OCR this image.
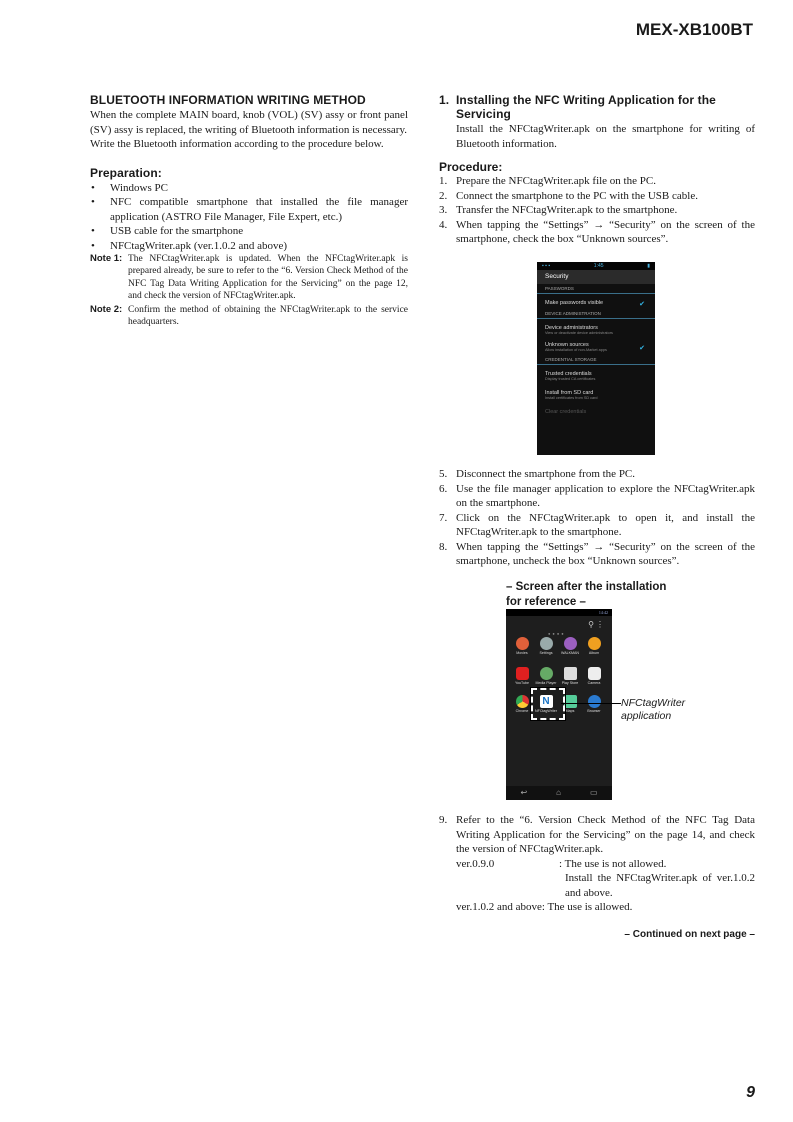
MEX-XB100BT
BLUETOOTH INFORMATION WRITING METHOD

When the complete MAIN board, knob (VOL) (SV) assy or front panel (SV) assy is replaced, the writing of Bluetooth information is necessary.

Write the Bluetooth information according to the procedure below.

Preparation:
• Windows PC
• NFC compatible smartphone that installed the file manager application (ASTRO File Manager, File Expert, etc.)
• USB cable for the smartphone
• NFCtagWriter.apk (ver.1.0.2 and above)
Note 1: The NFCtagWriter.apk is updated. When the NFCtagWriter.apk is prepared already, be sure to refer to the “6. Version Check Method of the NFC Tag Data Writing Application for the Servicing” on the page 12, and check the version of NFCtagWriter.apk.
Note 2: Confirm the method of obtaining the NFCtagWriter.apk to the service headquarters.
1. Installing the NFC Writing Application for the Servicing
Install the NFCtagWriter.apk on the smartphone for writing of Bluetooth information.
Procedure:
1. Prepare the NFCtagWriter.apk file on the PC.
2. Connect the smartphone to the PC with the USB cable.
3. Transfer the NFCtagWriter.apk to the smartphone.
4. When tapping the “Settings” → “Security” on the screen of the smartphone, check the box “Unknown sources”.
5. Disconnect the smartphone from the PC.
6. Use the file manager application to explore the NFCtagWriter.apk on the smartphone.
7. Click on the NFCtagWriter.apk to open it, and install the NFCtagWriter.apk to the smartphone.
8. When tapping the “Settings” → “Security” on the screen of the smartphone, uncheck the box “Unknown sources”.
9. Refer to the “6. Version Check Method of the NFC Tag Data Writing Application for the Servicing” on the page 14, and check the version of NFCtagWriter.apk.
ver.0.9.0	: The use is not allowed.
Install the NFCtagWriter.apk of ver.1.0.2 and above.
ver.1.0.2 and above : The use is allowed.
▪ ▪ ▪	1:45	▮
Security
PASSWORDS
Make passwords visible	✔
DEVICE ADMINISTRATION
Device administrators
View or deactivate device administrators
Unknown sources
Allow installation of non-Market apps	✔
CREDENTIAL STORAGE
Trusted credentials
Display trusted CA certificates
Install from SD card
Install certificates from SD card
Clear credentials
– Screen after the installation
for reference –
14:42
⚲ ⋮
●●●●
Movies	Settings	WALKMAN	Album
YouTube	Media Player	Play Store	Camera
Chrome
N
NFCtagWriter	Maps	Browser
↩	⌂	▭
NFCtagWriter
application
– Continued on next page –
9
